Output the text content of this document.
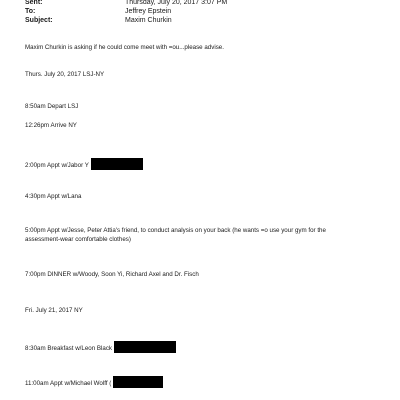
Sent:	Thursday, July 20, 2017 3:07 PM
To:	Jeffrey Epstein
Subject:	Maxim Churkin
Maxim Churkin is asking if he could come meet with =ou...please advise.
Thurs. July 20, 2017 LSJ-NY
8:50am Depart LSJ
12:26pm Arrive NY
2:00pm Appt w/Jabor Y
4:30pm Appt w/Lana
5:00pm Appt w/Jesse, Peter Attia's friend, to conduct analysis on your back (he wants =o use your gym for the
assessment-wear comfortable clothes)
7:00pm DINNER w/Woody, Soon Yi, Richard Axel and Dr. Fisch
Fri. July 21, 2017 NY
8:30am Breakfast w/Leon Black
11:00am Appt w/Michael Wolff (
